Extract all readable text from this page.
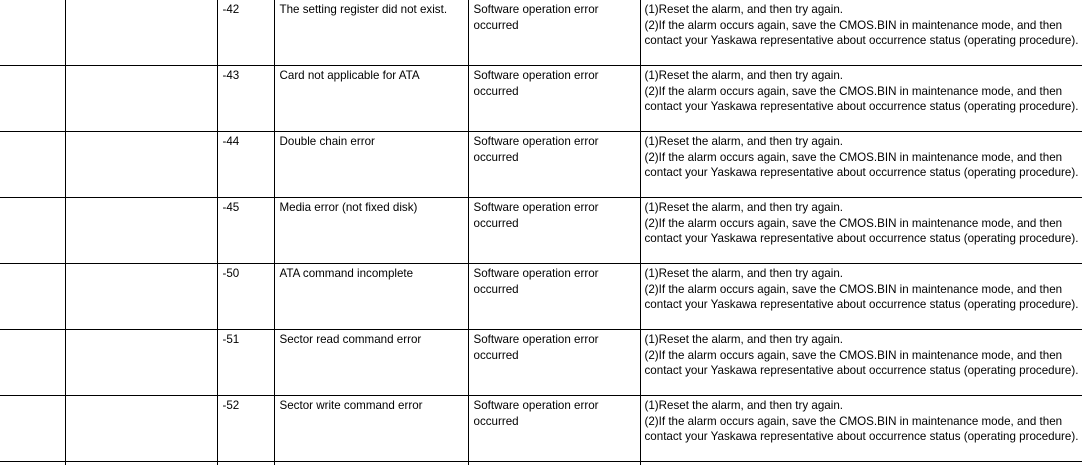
		-42	The setting register did not exist.	Software operation error occurred	(1)Reset the alarm, and then try again.
(2)If the alarm occurs again, save the CMOS.BIN in maintenance mode, and then contact your Yaskawa representative about occurrence status (operating procedure).

		-43	Card not applicable for ATA	Software operation error occurred	(1)Reset the alarm, and then try again.
(2)If the alarm occurs again, save the CMOS.BIN in maintenance mode, and then contact your Yaskawa representative about occurrence status (operating procedure).

		-44	Double chain error	Software operation error occurred	(1)Reset the alarm, and then try again.
(2)If the alarm occurs again, save the CMOS.BIN in maintenance mode, and then contact your Yaskawa representative about occurrence status (operating procedure).

		-45	Media error (not fixed disk)	Software operation error occurred	(1)Reset the alarm, and then try again.
(2)If the alarm occurs again, save the CMOS.BIN in maintenance mode, and then contact your Yaskawa representative about occurrence status (operating procedure).

		-50	ATA command incomplete	Software operation error occurred	(1)Reset the alarm, and then try again.
(2)If the alarm occurs again, save the CMOS.BIN in maintenance mode, and then contact your Yaskawa representative about occurrence status (operating procedure).

		-51	Sector read command error	Software operation error occurred	(1)Reset the alarm, and then try again.
(2)If the alarm occurs again, save the CMOS.BIN in maintenance mode, and then contact your Yaskawa representative about occurrence status (operating procedure).

		-52	Sector write command error	Software operation error occurred	(1)Reset the alarm, and then try again.
(2)If the alarm occurs again, save the CMOS.BIN in maintenance mode, and then contact your Yaskawa representative about occurrence status (operating procedure).
